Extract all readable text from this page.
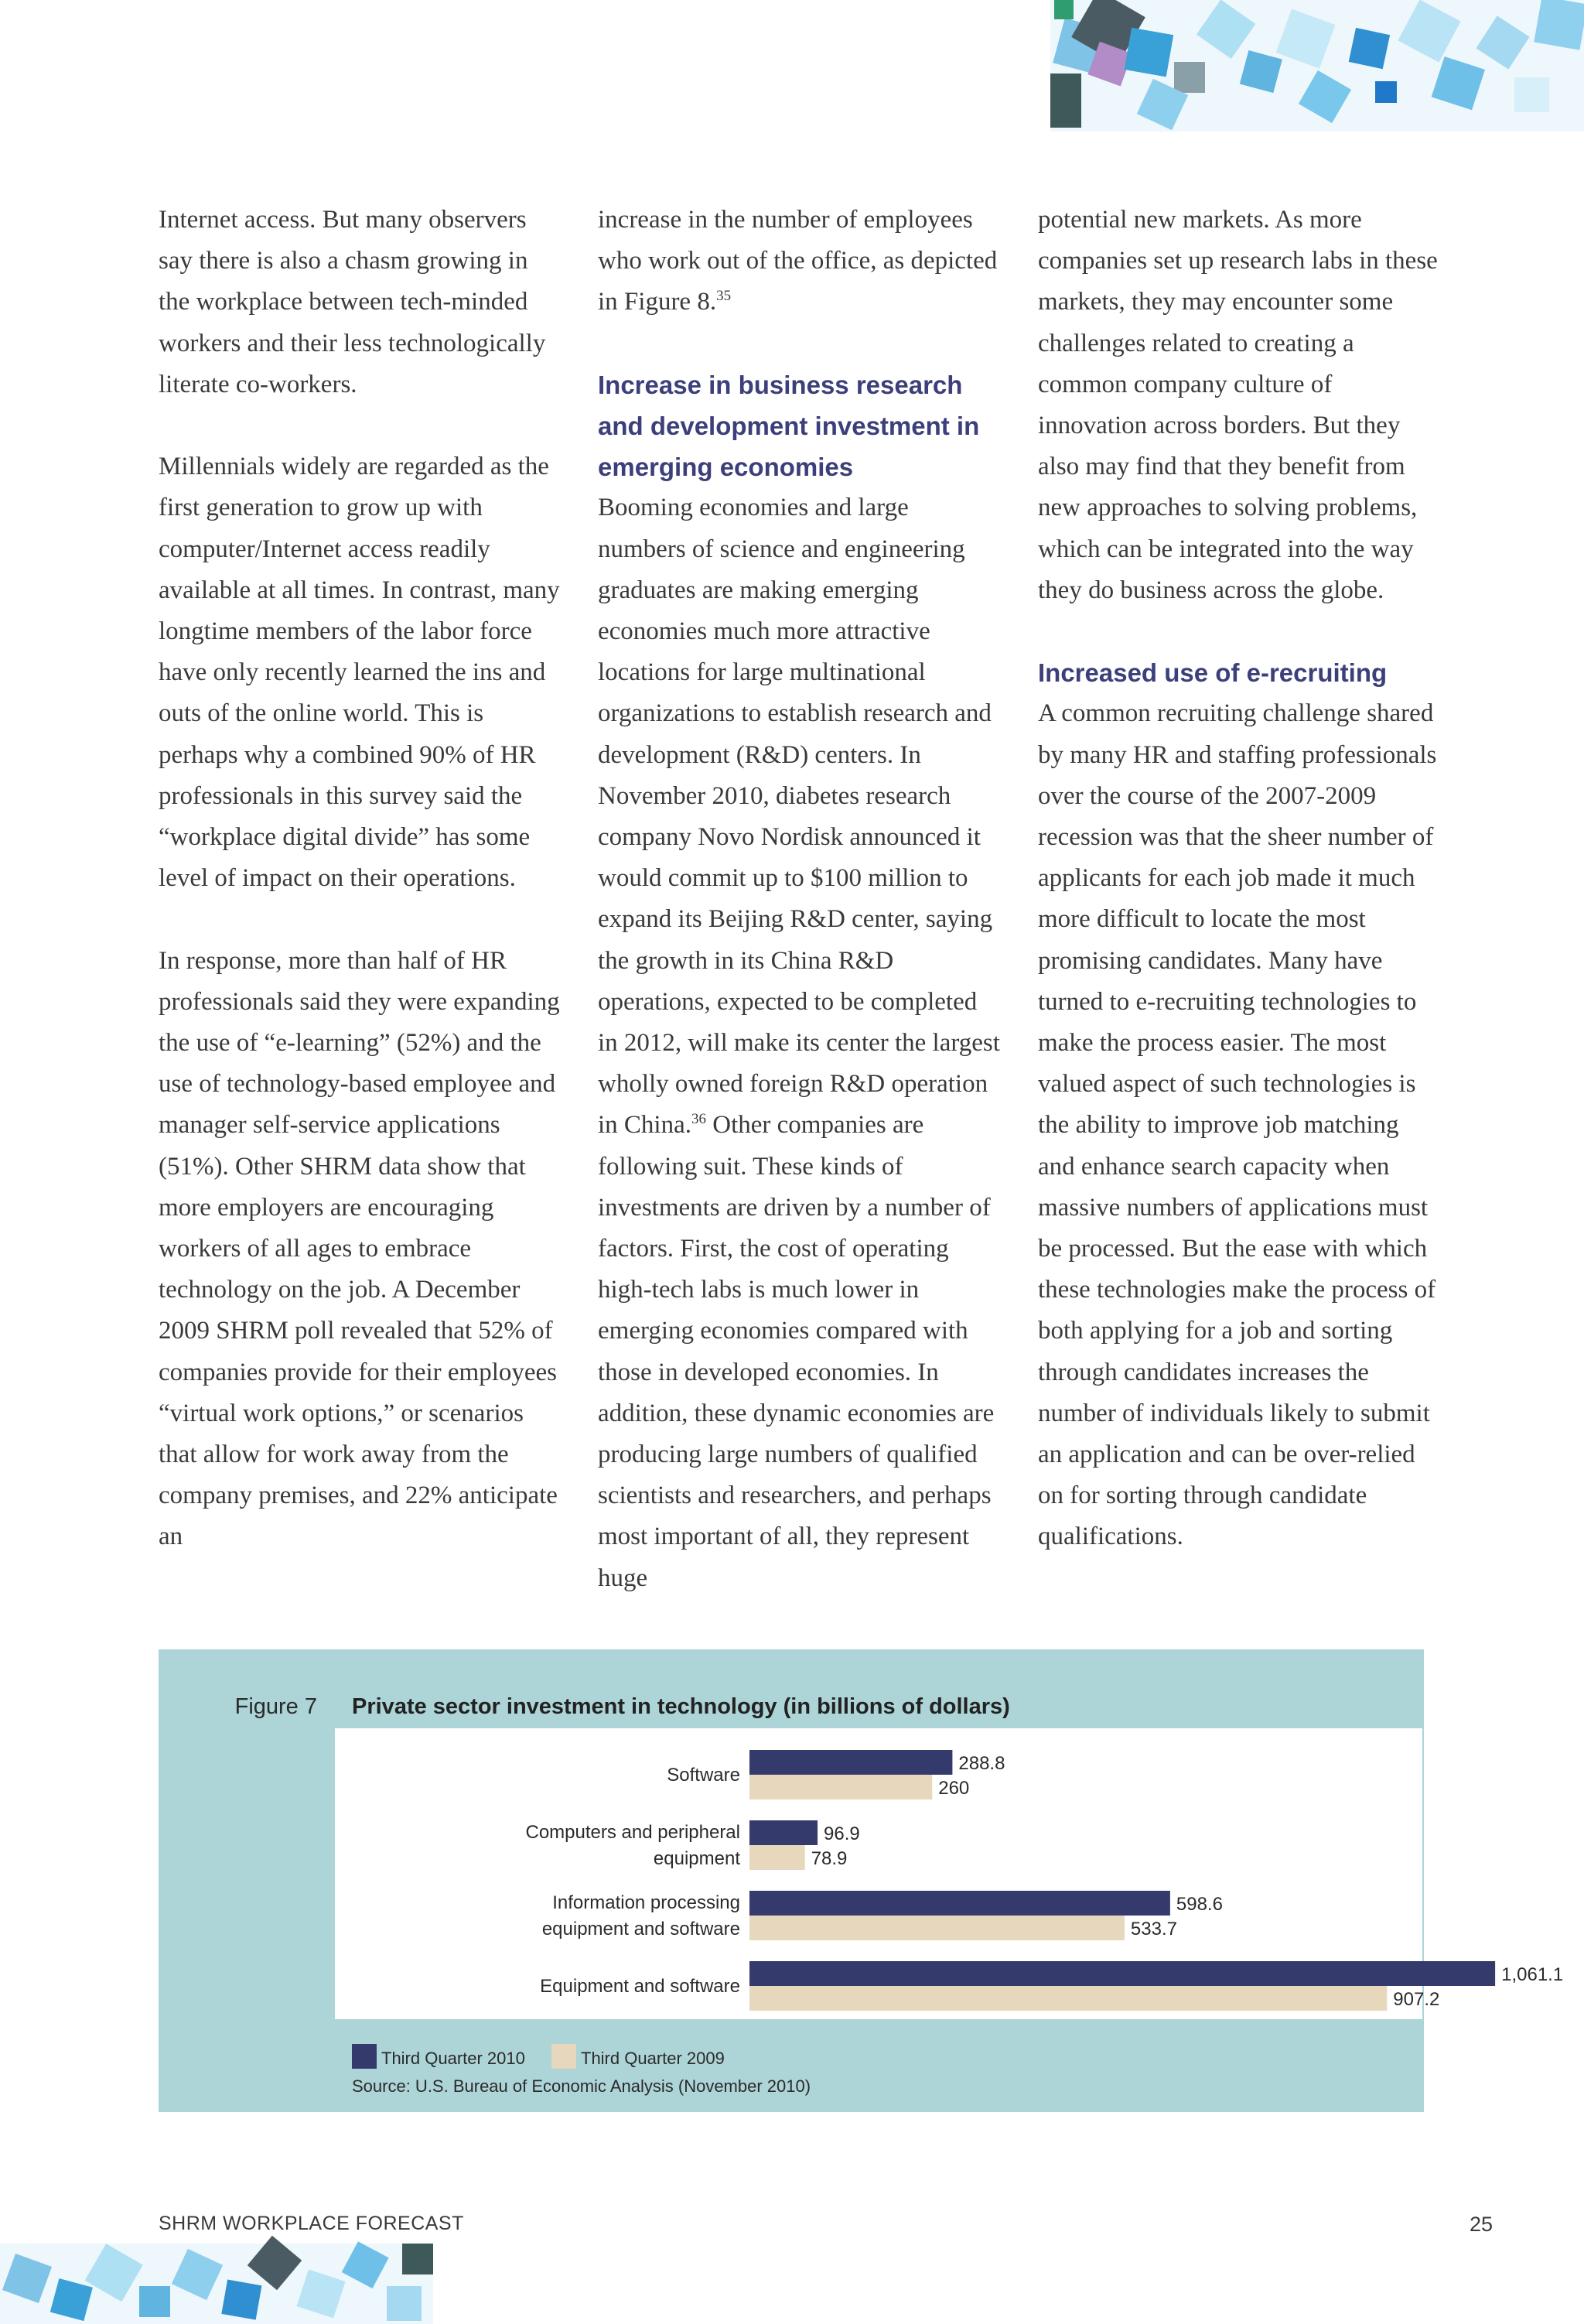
Internet access. But many observers say there is also a chasm growing in the workplace between tech-minded workers and their less technologically literate co-workers.

Millennials widely are regarded as the first generation to grow up with computer/Internet access readily available at all times. In contrast, many longtime members of the labor force have only recently learned the ins and outs of the online world. This is perhaps why a combined 90% of HR professionals in this survey said the “workplace digital divide” has some level of impact on their operations.

In response, more than half of HR professionals said they were expanding the use of “e-learning” (52%) and the use of technology-based employee and manager self-service applications (51%). Other SHRM data show that more employers are encouraging workers of all ages to embrace technology on the job. A December 2009 SHRM poll revealed that 52% of companies provide for their employees “virtual work options,” or scenarios that allow for work away from the company premises, and 22% anticipate an

increase in the number of employees who work out of the office, as depicted in Figure 8.35

Increase in business research and development investment in emerging economies

Booming economies and large numbers of science and engineering graduates are making emerging economies much more attractive locations for large multinational organizations to establish research and development (R&D) centers. In November 2010, diabetes research company Novo Nordisk announced it would commit up to $100 million to expand its Beijing R&D center, saying the growth in its China R&D operations, expected to be completed in 2012, will make its center the largest wholly owned foreign R&D operation in China.$^{36}$ Other companies are following suit. These kinds of investments are driven by a number of factors. First, the cost of operating high-tech labs is much lower in emerging economies compared with those in developed economies. In addition, these dynamic economies are producing large numbers of qualified scientists and researchers, and perhaps most important of all, they represent huge

potential new markets. As more companies set up research labs in these markets, they may encounter some challenges related to creating a common company culture of innovation across borders. But they also may find that they benefit from new approaches to solving problems, which can be integrated into the way they do business across the globe.

Increased use of e-recruiting

A common recruiting challenge shared by many HR and staffing professionals over the course of the 2007-2009 recession was that the sheer number of applicants for each job made it much more difficult to locate the most promising candidates. Many have turned to e-recruiting technologies to make the process easier. The most valued aspect of such technologies is the ability to improve job matching and enhance search capacity when massive numbers of applications must be processed. But the ease with which these technologies make the process of both applying for a job and sorting through candidates increases the number of individuals likely to submit an application and can be over-relied on for sorting through candidate qualifications.

Figure 7 Private sector investment in technology (in billions of dollars)
Software
288.8
260
Computers and peripheral equipment
96.9
78.9
Information processing equipment and software
598.6
533.7
Equipment and software
1,061.1
907.2
Third Quarter 2010	Third Quarter 2009
Source: U.S. Bureau of Economic Analysis (November 2010)
SHRM WORKPLACE FORECAST	25
